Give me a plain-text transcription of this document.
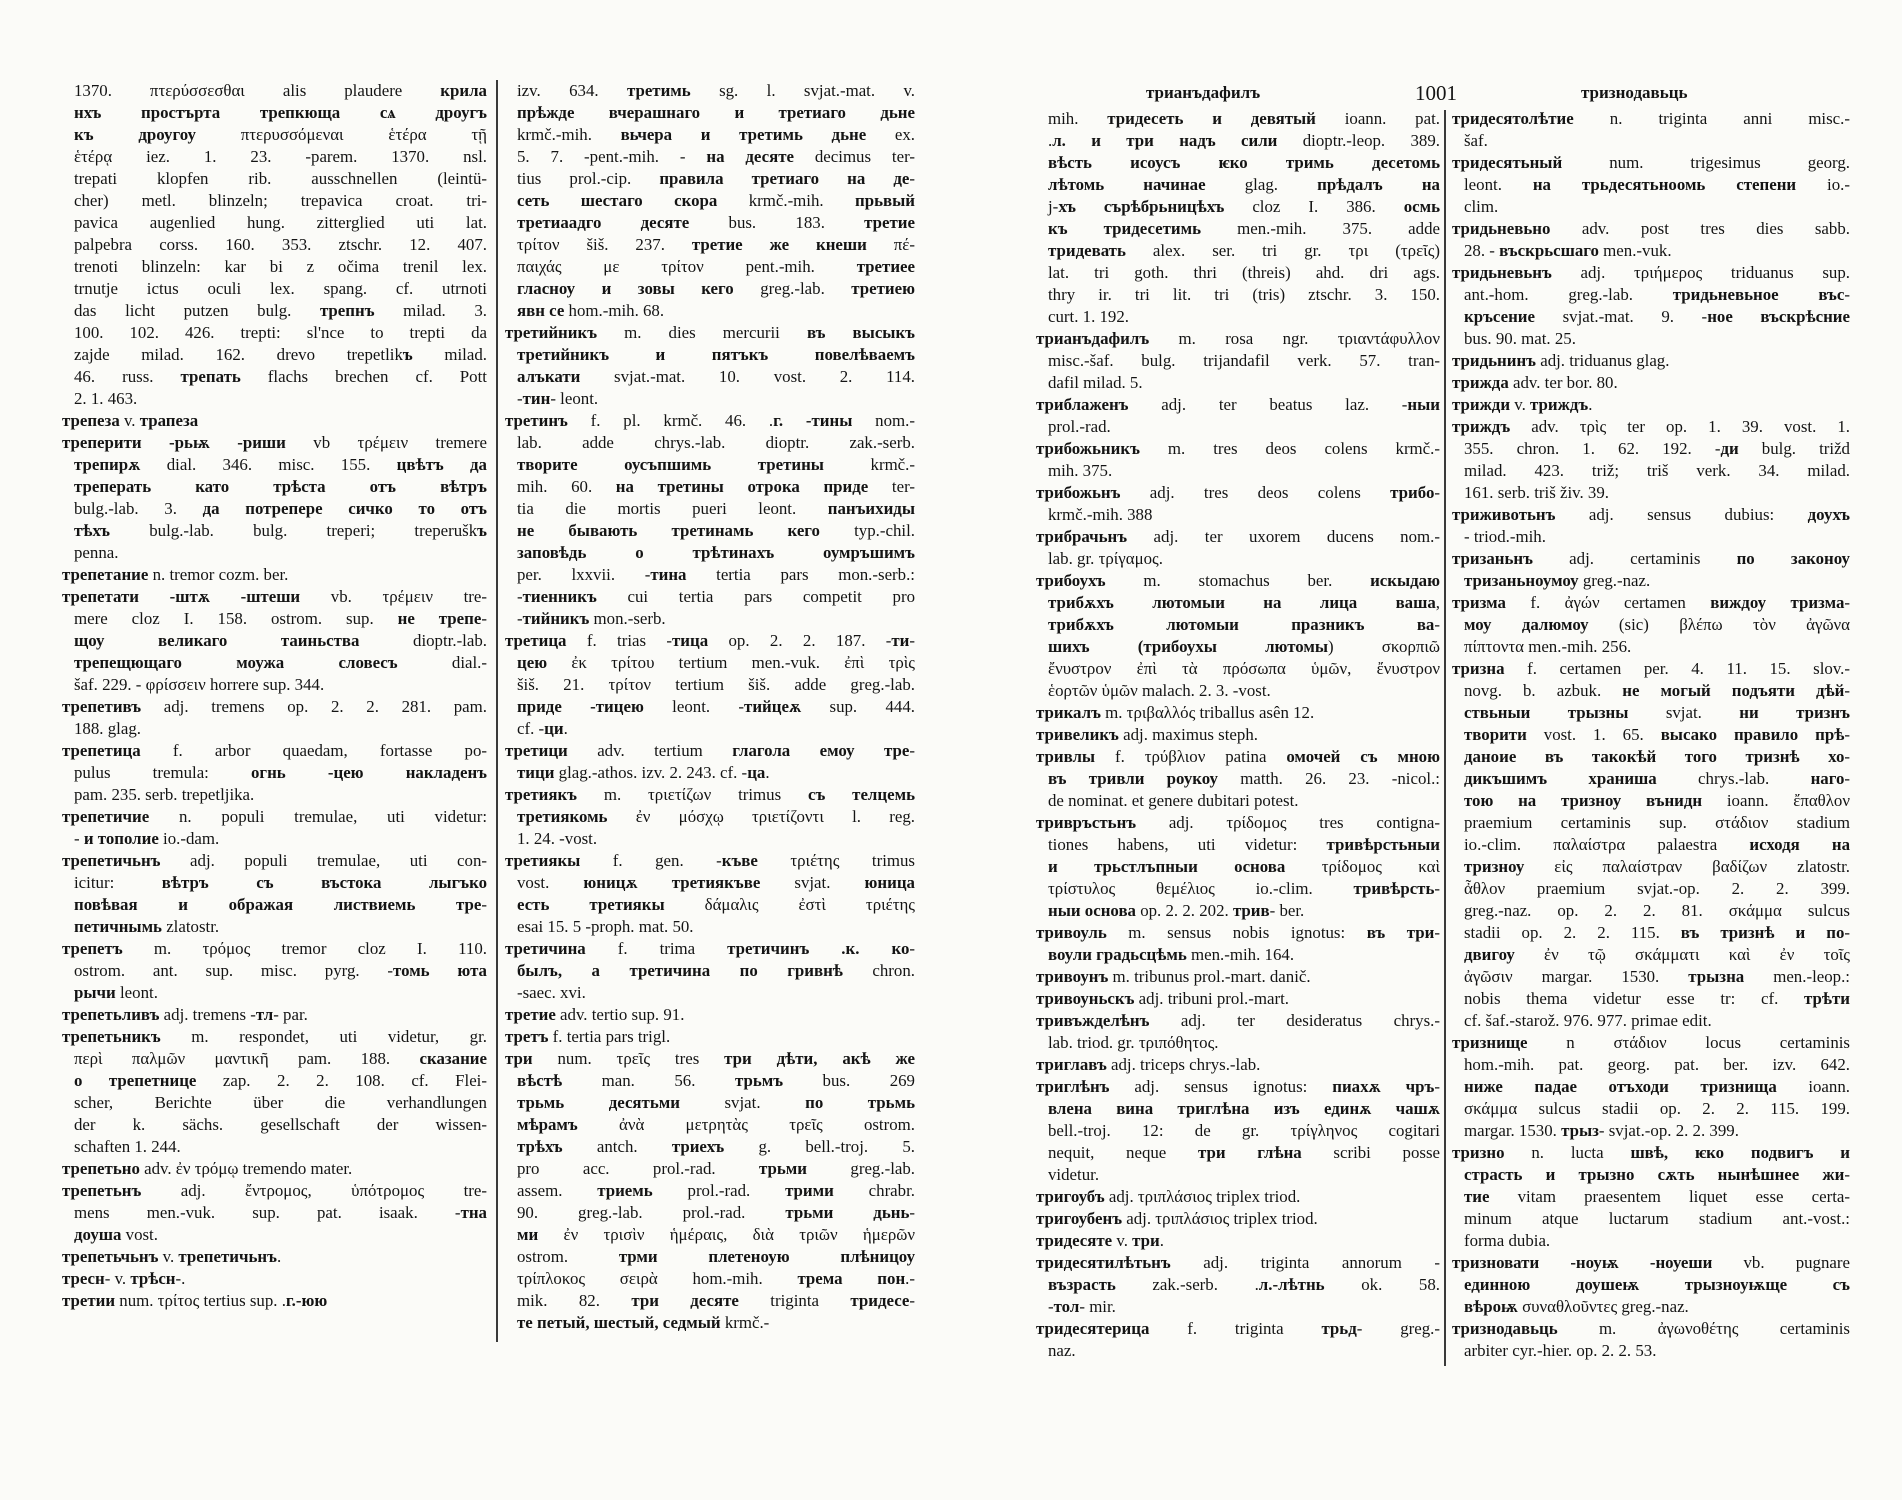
1370. πτερύσσεσθαι alis plaudere крила
нхъ простърта трепкюща сѧ дроугъ
къ дроугоу πτερυσσόμεναι ἑτέρα τῇ
ἑτέρᾳ iez. 1. 23. -parem. 1370. nsl.
trepati klopfen rib. ausschnellen (leintü-
cher) metl. blinzeln; trepavica croat. tri-
pavica augenlied hung. zitterglied uti lat.
palpebra corss. 160. 353. ztschr. 12. 407.
trenoti blinzeln: kar bi z očima trenil lex.
trnutje ictus oculi lex. spang. cf. utrnoti
das licht putzen bulg. трепнъ milad. 3.
100. 102. 426. trepti: sl'nce to trepti da
zajde milad. 162. drevo trepetlikъ milad.
46. russ. трепать flachs brechen cf. Pott
2. 1. 463.
трепеза v. трапеза
треперити -рьѭ -риши vb τρέμειν tremere
трепирѫ dial. 346. misc. 155. цвѣтъ да
треперать като трѣста отъ вѣтръ
bulg.-lab. 3. да потрепере сичко то отъ
тѣхъ bulg.-lab. bulg. treperi; treperuškъ
penna.
трепетание n. tremor cozm. ber.
трепетати -штѫ -штеши vb. τρέμειν tre-
mere cloz I. 158. ostrom. sup. не трепе-
щоу великаго таиньства dioptr.-lab.
трепещющаго моужа словесъ dial.-
šaf. 229. - φρίσσειν horrere sup. 344.
трепетивъ adj. tremens op. 2. 2. 281. pam.
188. glag.
трепетица f. arbor quaedam, fortasse po-
pulus tremula: огнь -цею накладенъ
pam. 235. serb. trepetljika.
трепетичие n. populi tremulae, uti videtur:
- и тополие io.-dam.
трепетичьнъ adj. populi tremulae, uti con-
icitur: вѣтръ съ въстока лыгъко
повѣвая и ображая листвиемь тре-
петичнымь zlatostr.
трепетъ m. τρόμος tremor cloz I. 110.
ostrom. ant. sup. misc. pyrg. -томь юта
рычи leont.
трепетьливъ adj. tremens -тл- par.
трепетьникъ m. respondet, uti videtur, gr.
περὶ παλμῶν μαντικῆ pam. 188. сказание
о трепетнице zap. 2. 2. 108. cf. Flei-
scher, Berichte über die verhandlungen
der k. sächs. gesellschaft der wissen-
schaften 1. 244.
трепетьно adv. ἐν τρόμῳ tremendo mater.
трепетьнъ adj. ἔντρομος, ὑπότρομος tre-
mens men.-vuk. sup. pat. isaak. -тна
доуша vost.
трепетьчьнъ v. трепетичьнъ.
тресн- v. трѣсн-.
третии num. τρίτος tertius sup. .г.-юю
izv. 634. третимь sg. l. svjat.-mat. v.
прѣжде вчерашнаго и третиаго дьне
krmč.-mih. вьчера и третимь дьне ex.
5. 7. -pent.-mih. - на десяте decimus ter-
tius prol.-cip. правила третиаго на де-
сеть шестаго скора krmč.-mih. прьвый
третиаадго десяте bus. 183. третие
τρίτον šiš. 237. третие же кнеши πέ-
παιχάς με τρίτον pent.-mih. третиее
гласноу и зовы кего greg.-lab. третиею
явн се hom.-mih. 68.
третийникъ m. dies mercurii въ высыкъ
третийникъ и пятъкъ повелѣваемъ
алъкати svjat.-mat. 10. vost. 2. 114.
-тин- leont.
третинъ f. pl. krmč. 46. .г. -тины nom.-
lab. adde chrys.-lab. dioptr. zak.-serb.
творите оусъпшимь третины krmč.-
mih. 60. на третины отрока приде ter-
tia die mortis pueri leont. панъихиды
не бывають третинамь кего typ.-chil.
заповѣдь о трѣтинахъ оумръшимъ
per. lxxvii. -тина tertia pars mon.-serb.:
-тиенникъ cui tertia pars competit pro
-тийникъ mon.-serb.
третица f. trias -тица op. 2. 2. 187. -ти-
цею ἐκ τρίτου tertium men.-vuk. ἐπὶ τρὶς
šiš. 21. τρίτον tertium šiš. adde greg.-lab.
приде -тицею leont. -тийцеѫ sup. 444.
cf. -ци.
третици adv. tertium глагола емоу тре-
тици glag.-athos. izv. 2. 243. cf. -ца.
третиякъ m. τριετίζων trimus съ телцемь
третиякомь ἐν μόσχῳ τριετίζοντι l. reg.
1. 24. -vost.
третиякы f. gen. -къве τριέτης trimus
vost. юницѫ третиякъве svjat. юница
есть третиякы δάμαλις ἐστὶ τριέτης
esai 15. 5 -proph. mat. 50.
третичина f. trima третичинъ .к. ко-
былъ, а третичина по гривнѣ chron.
-saec. xvi.
третие adv. tertio sup. 91.
третъ f. tertia pars trigl.
три num. τρεῖς tres три дѣти, акѣ же
вѣстѣ man. 56. трьмъ bus. 269
трьмь десятьми svjat. по трьмь
мѣрамъ ἀνὰ μετρητὰς τρεῖς ostrom.
трѣхъ antch. триехъ g. bell.-troj. 5.
pro acc. prol.-rad. трьми greg.-lab.
assem. триемь prol.-rad. трими chrabr.
90. greg.-lab. prol.-rad. трьми дьнь-
ми ἐν τρισὶν ἡμέραις, διὰ τριῶν ἡμερῶν
ostrom. трми плетеноую плѣницоу
τρίπλοκος σειρὰ hom.-mih. трема пон.-
mik. 82. три десяте triginta тридесе-
те петый, шестый, седмый krmč.-
трианъдафилъ	1001	тризнодавьць
mih. тридесеть и девятый ioann. pat.
.л. и три надъ сили dioptr.-leop. 389.
вѣсть исоусъ ѥко тримь десетомь
лѣтомь начинае glag. прѣдалъ на
j-хъ сърѣбрьницѣхъ cloz I. 386. осмь
къ тридесетимь men.-mih. 375. adde
тридевать alex. ser. tri gr. τρι (τρεῖς)
lat. tri goth. thri (threis) ahd. dri ags.
thry ir. tri lit. tri (tris) ztschr. 3. 150.
curt. 1. 192.
трианъдафилъ m. rosa ngr. τριαντάφυλλον
misc.-šaf. bulg. trijandafil verk. 57. tran-
dafil milad. 5.
триблаженъ adj. ter beatus laz. -ныи
prol.-rad.
трибожьникъ m. tres deos colens krmč.-
mih. 375.
трибожьнъ adj. tres deos colens трибо-
krmč.-mih. 388
трибрачьнъ adj. ter uxorem ducens nom.-
lab. gr. τρίγαμος.
трибоухъ m. stomachus ber. искыдаю
трибѫхъ лютомыи на лица ваша,
трибѫхъ лютомыи празникъ ва-
шихъ (трибоухы лютомы) σκορπιῶ
ἔνυστρον ἐπὶ τὰ πρόσωπα ὑμῶν, ἔνυστρον
ἑορτῶν ὑμῶν malach. 2. 3. -vost.
трикалъ m. τριβαλλός triballus asên 12.
тривеликъ adj. maximus steph.
тривлы f. τρύβλιον patina омочей съ мною
въ тривли роукоу matth. 26. 23. -nicol.:
de nominat. et genere dubitari potest.
тривръстьнъ adj. τρίδομος tres contigna-
tiones habens, uti videtur: тривѣрстьныи
и трьстлъпныи основа τρίδομος καὶ
τρίστυλος θεμέλιος io.-clim. тривѣрсть-
ныи основа op. 2. 2. 202. трив- ber.
тривоуль m. sensus nobis ignotus: въ три-
воули градьсцѣмь men.-mih. 164.
тривоунъ m. tribunus prol.-mart. danič.
тривоуньскъ adj. tribuni prol.-mart.
тривъжделѣнъ adj. ter desideratus chrys.-
lab. triod. gr. τριπόθητος.
триглавъ adj. triceps chrys.-lab.
триглѣнъ adj. sensus ignotus: пиахѫ чръ-
влена вина триглѣна изъ единѫ чашѫ
bell.-troj. 12: de gr. τρίγληνος cogitari
nequit, neque три глѣна scribi posse
videtur.
тригоубъ adj. τριπλάσιος triplex triod.
тригоубенъ adj. τριπλάσιος triplex triod.
тридесяте v. три.
тридесятилѣтьнъ adj. triginta annorum -
възрасть zak.-serb. .л.-лѣтнь ok. 58.
-тол- mir.
тридесятерица f. triginta трьд- greg.-
naz.
тридесятолѣтие n. triginta anni misc.-
šaf.
тридесятьный num. trigesimus georg.
leont. на трьдесятьноомь степени io.-
clim.
тридьневьно adv. post tres dies sabb.
28. - въскрьсшаго men.-vuk.
тридьневьнъ adj. τριήμερος triduanus sup.
ant.-hom. greg.-lab. тридьневьное въс-
кръсение svjat.-mat. 9. -ное въскрѣсние
bus. 90. mat. 25.
тридьнинъ adj. triduanus glag.
трижда adv. ter bor. 80.
трижди v. триждъ.
триждъ adv. τρὶς ter op. 1. 39. vost. 1.
355. chron. 1. 62. 192. -ди bulg. trižd
milad. 423. triž; triš verk. 34. milad.
161. serb. triš živ. 39.
триживотьнъ adj. sensus dubius: доухъ
- triod.-mih.
тризаньнъ adj. certaminis по законоу
тризаньноумоу greg.-naz.
тризма f. ἀγών certamen виждоу тризма-
моу далюмоу (sic) βλέπω τὸν ἀγῶνα
πίπτοντα men.-mih. 256.
тризна f. certamen per. 4. 11. 15. slov.-
novg. b. azbuk. не могый подъяти дѣй-
ствьныи трызны svjat. ни тризнъ
творити vost. 1. 65. высако правило прѣ-
даноие въ такокѣй того тризнѣ хо-
дикъшимъ храниша chrys.-lab. наго-
тою на тризноу вънидн ioann. ἔπαθλον
praemium certaminis sup. στάδιον stadium
io.-clim. παλαίστρα palaestra исходя на
тризноу εἰς παλαίστραν βαδίζων zlatostr.
ἆθλον praemium svjat.-op. 2. 2. 399.
greg.-naz. op. 2. 2. 81. σκάμμα sulcus
stadii op. 2. 2. 115. въ тризнѣ и по-
двигоу ἐν τῷ σκάμματι καὶ ἐν τοῖς
ἀγῶσιν margar. 1530. трызна men.-leop.:
nobis thema videtur esse tr: cf. трѣти
cf. šaf.-starož. 976. 977. primae edit.
тризнище n στάδιον locus certaminis
hom.-mih. pat. georg. pat. ber. izv. 642.
ниже падае отъходи тризнища ioann.
σκάμμα sulcus stadii op. 2. 2. 115. 199.
margar. 1530. трыз- svjat.-op. 2. 2. 399.
тризно n. lucta швѣ, ѥко подвигъ и
страсть и трызно сѫть нынѣшнее жи-
тие vitam praesentem liquet esse certa-
minum atque luctarum stadium ant.-vost.:
forma dubia.
тризновати -ноуѭ -ноуеши vb. pugnare
единною доушеѭ трызноуѭще съ
вѣроѭ συναθλοῦντες greg.-naz.
тризнодавьць m. ἀγωνοθέτης certaminis
arbiter cyr.-hier. op. 2. 2. 53.
